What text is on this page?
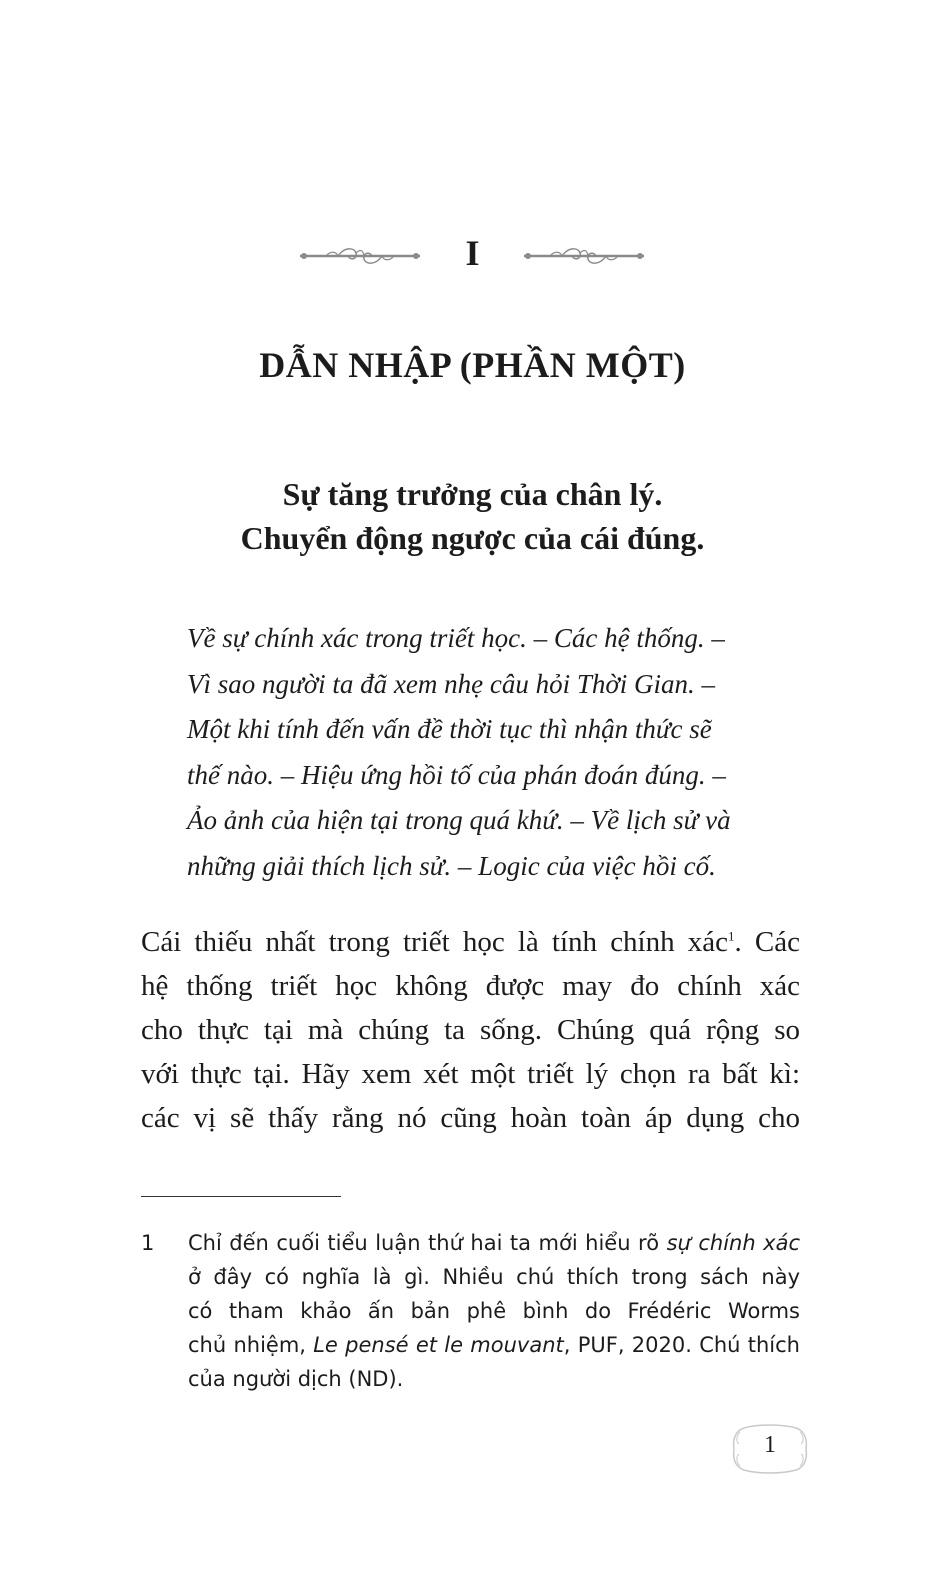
I
DẪN NHẬP (PHẦN MỘT)
Sự tăng trưởng của chân lý.
Chuyển động ngược của cái đúng.

Về sự chính xác trong triết học. – Các hệ thống. –
Vì sao người ta đã xem nhẹ câu hỏi Thời Gian. –
Một khi tính đến vấn đề thời tục thì nhận thức sẽ
thế nào. – Hiệu ứng hồi tố của phán đoán đúng. –
Ảo ảnh của hiện tại trong quá khứ. – Về lịch sử và
những giải thích lịch sử. – Logic của việc hồi cố.

Cái thiếu nhất trong triết học là tính chính xác$^1$. Các
hệ thống triết học không được may đo chính xác
cho thực tại mà chúng ta sống. Chúng quá rộng so
với thực tại. Hãy xem xét một triết lý chọn ra bất kì:
các vị sẽ thấy rằng nó cũng hoàn toàn áp dụng cho
1 Chỉ đến cuối tiểu luận thứ hai ta mới hiểu rõ sự chính xác
ở đây có nghĩa là gì. Nhiều chú thích trong sách này
có tham khảo ấn bản phê bình do Frédéric Worms
chủ nhiệm, Le pensé et le mouvant, PUF, 2020. Chú thích
của người dịch (ND).
1
